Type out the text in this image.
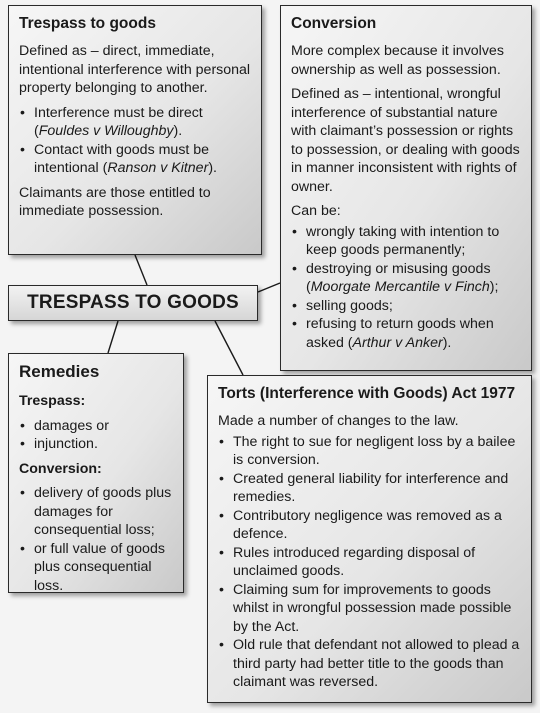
Trespass to goods

Defined as – direct, immediate, intentional interference with personal property belonging to another.

• Interference must be direct (Fouldes v Willoughby).
• Contact with goods must be intentional (Ranson v Kitner).

Claimants are those entitled to immediate possession.

Conversion

More complex because it involves ownership as well as possession.

Defined as – intentional, wrongful interference of substantial nature with claimant’s possession or rights to possession, or dealing with goods in manner inconsistent with rights of owner.

Can be:

• wrongly taking with intention to keep goods permanently;
• destroying or misusing goods (Moorgate Mercantile v Finch);
• selling goods;
• refusing to return goods when asked (Arthur v Anker).
TRESPASS TO GOODS
Remedies

Trespass:

• damages or
• injunction.

Conversion:

• delivery of goods plus damages for consequential loss;
• or full value of goods plus consequential loss.
Torts (Interference with Goods) Act 1977

Made a number of changes to the law.

• The right to sue for negligent loss by a bailee is conversion.
• Created general liability for interference and remedies.
• Contributory negligence was removed as a defence.
• Rules introduced regarding disposal of unclaimed goods.
• Claiming sum for improvements to goods whilst in wrongful possession made possible by the Act.
• Old rule that defendant not allowed to plead a third party had better title to the goods than claimant was reversed.
